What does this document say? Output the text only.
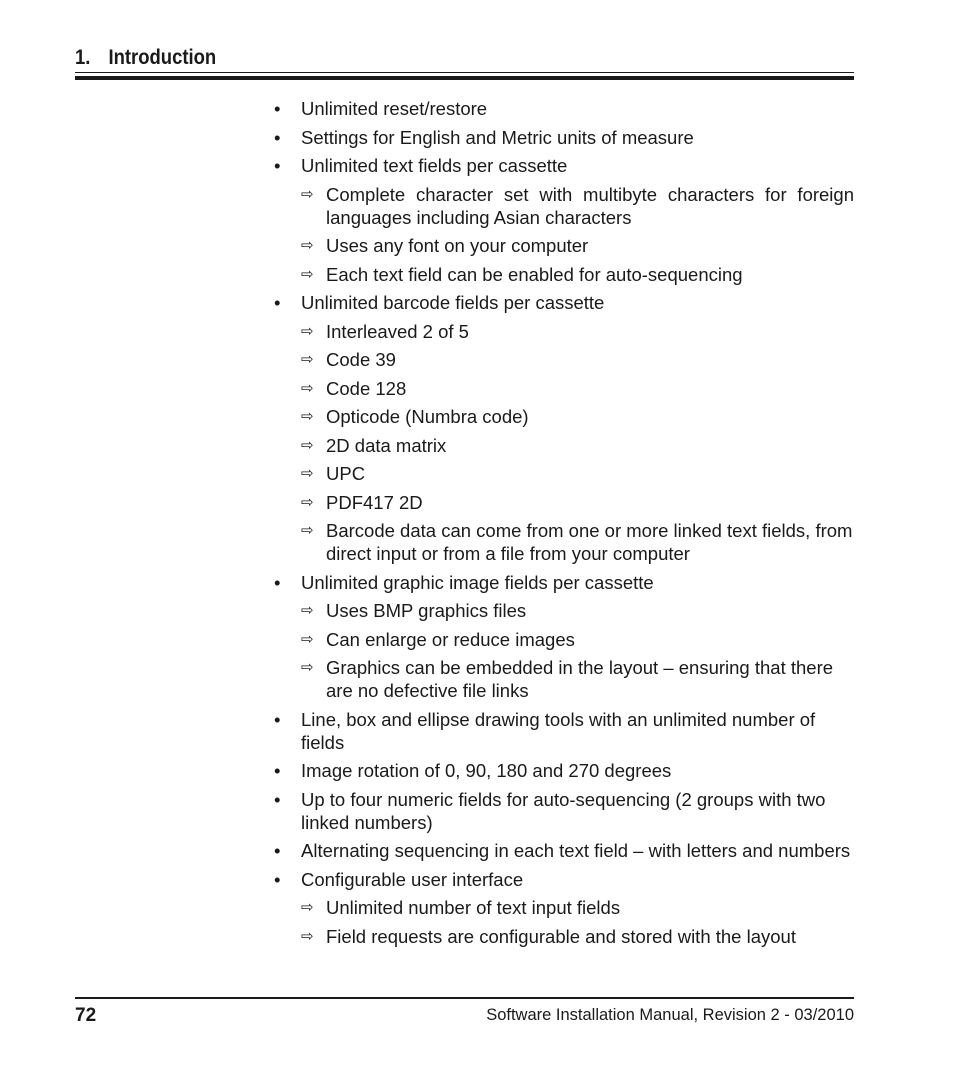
1. Introduction
•	Unlimited reset/restore
•	Settings for English and Metric units of measure
•	Unlimited text fields per cassette
⇨ Complete character set with multibyte characters for foreign languages including Asian characters
⇨ Uses any font on your computer
⇨ Each text field can be enabled for auto-sequencing
•	Unlimited barcode fields per cassette
⇨ Interleaved 2 of 5
⇨ Code 39
⇨ Code 128
⇨ Opticode (Numbra code)
⇨ 2D data matrix
⇨ UPC
⇨ PDF417 2D
⇨ Barcode data can come from one or more linked text fields, from direct input or from a file from your computer
•	Unlimited graphic image fields per cassette
⇨ Uses BMP graphics files
⇨ Can enlarge or reduce images
⇨ Graphics can be embedded in the layout – ensuring that there are no defective file links
•	Line, box and ellipse drawing tools with an unlimited number of fields
•	Image rotation of 0, 90, 180 and 270 degrees
•	Up to four numeric fields for auto-sequencing (2 groups with two linked numbers)
•	Alternating sequencing in each text field – with letters and numbers
•	Configurable user interface
⇨ Unlimited number of text input fields
⇨ Field requests are configurable and stored with the layout
72	Software Installation Manual, Revision 2 - 03/2010
